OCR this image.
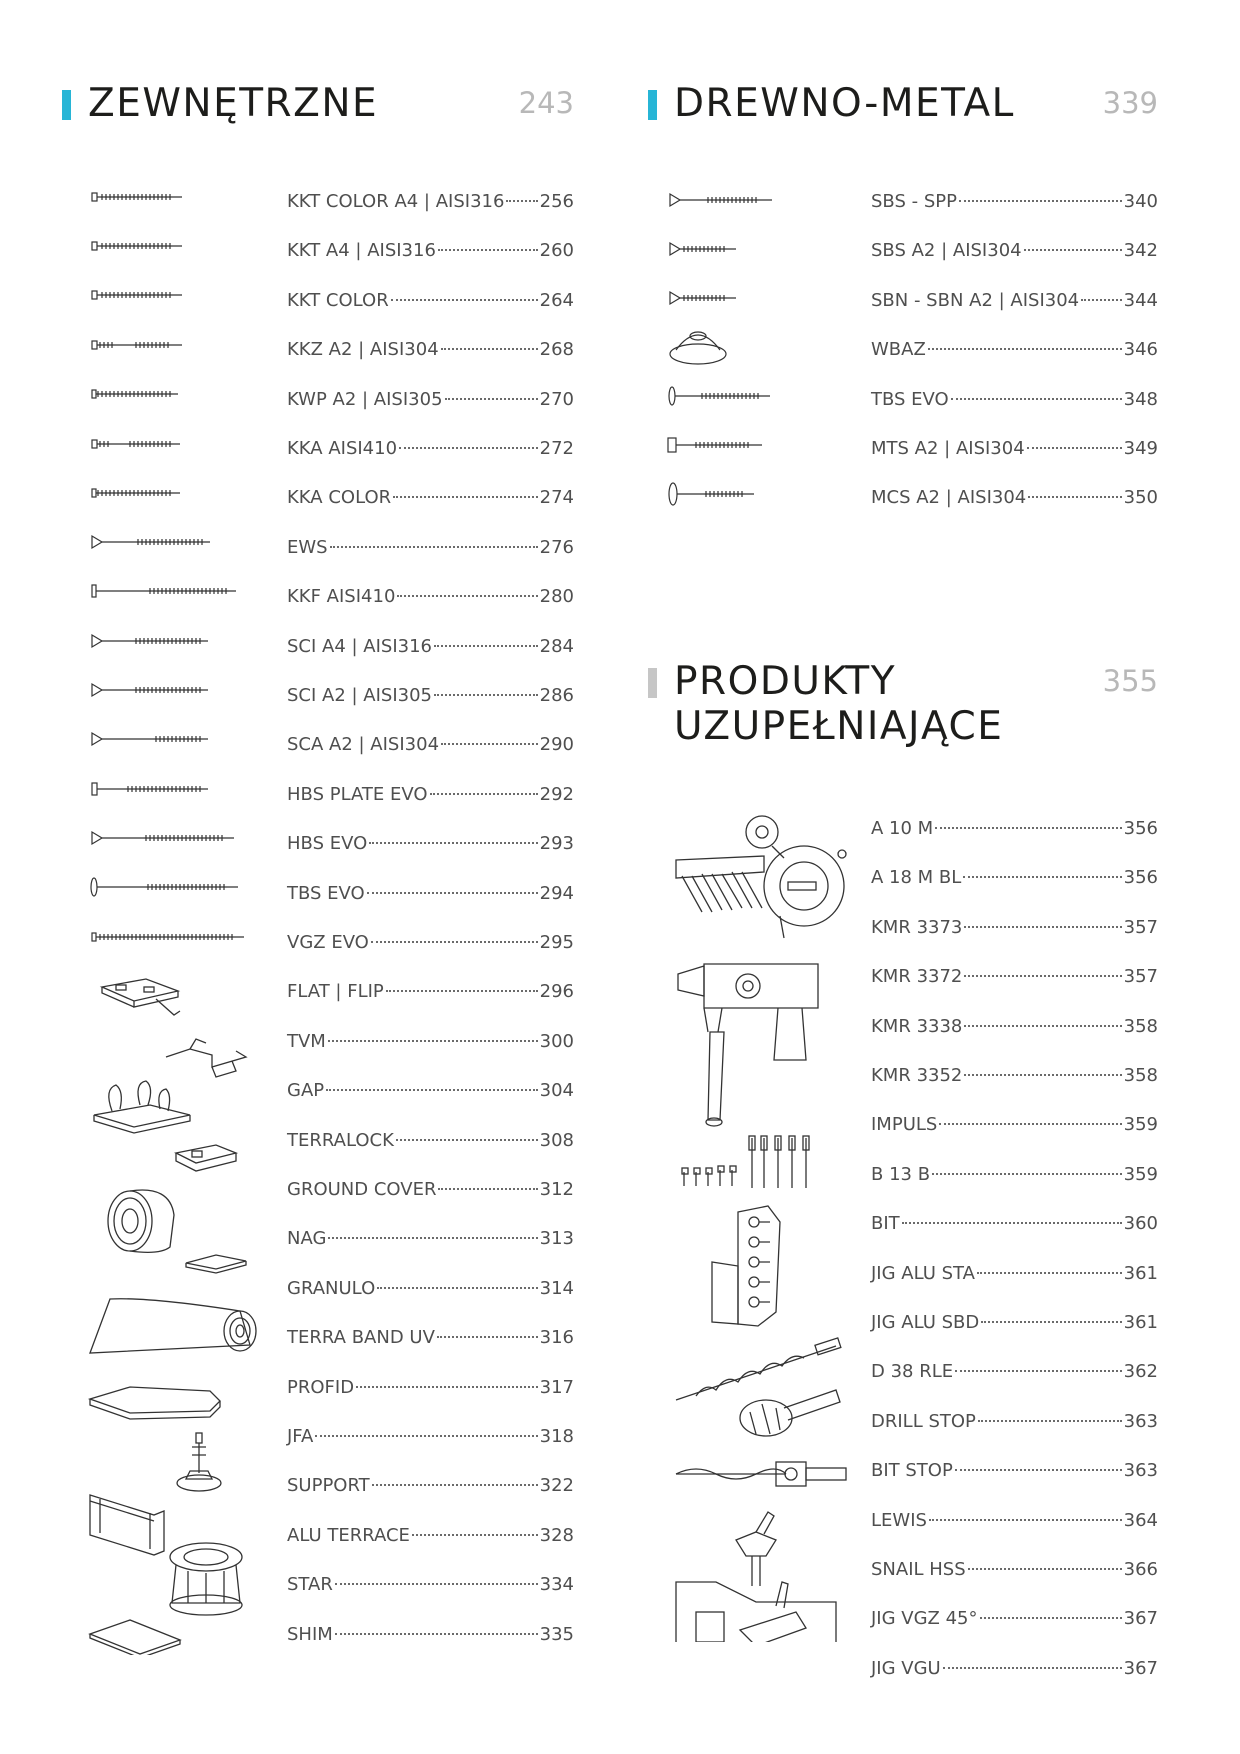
ZEWNĘTRZNE	243	DREWNO-METAL	339
PRODUKTY
UZUPEŁNIAJĄCE
355
KKT COLOR A4 | AISI316 256
KKT A4 | AISI316	260
KKT COLOR	264
KKZ A2 | AISI304	268
KWP A2 | AISI305	270
KKA AISI410	272
KKA COLOR	274
EWS	276
KKF AISI410	280
SCI A4 | AISI316	284
SCI A2 | AISI305	286
SCA A2 | AISI304	290
HBS PLATE EVO	292
HBS EVO	293
TBS EVO	294
VGZ EVO	295
FLAT | FLIP	296
TVM	300
GAP	304
TERRALOCK	308
GROUND COVER	312
NAG	313
GRANULO	314
TERRA BAND UV	316
PROFID	317
JFA	318
SUPPORT	322
ALU TERRACE	328
STAR	334
SHIM	335
SBS - SPP	340
SBS A2 | AISI304	342
SBN - SBN A2 | AISI304 344
WBAZ	346
TBS EVO	348
MTS A2 | AISI304	349
MCS A2 | AISI304	350
A 10 M	356
A 18 M BL	356
KMR 3373	357
KMR 3372	357
KMR 3338	358
KMR 3352	358
IMPULS	359
B 13 B	359
BIT	360
JIG ALU STA	361
JIG ALU SBD	361
D 38 RLE	362
DRILL STOP	363
BIT STOP	363
LEWIS	364
SNAIL HSS	366
JIG VGZ 45°	367
JIG VGU	367
